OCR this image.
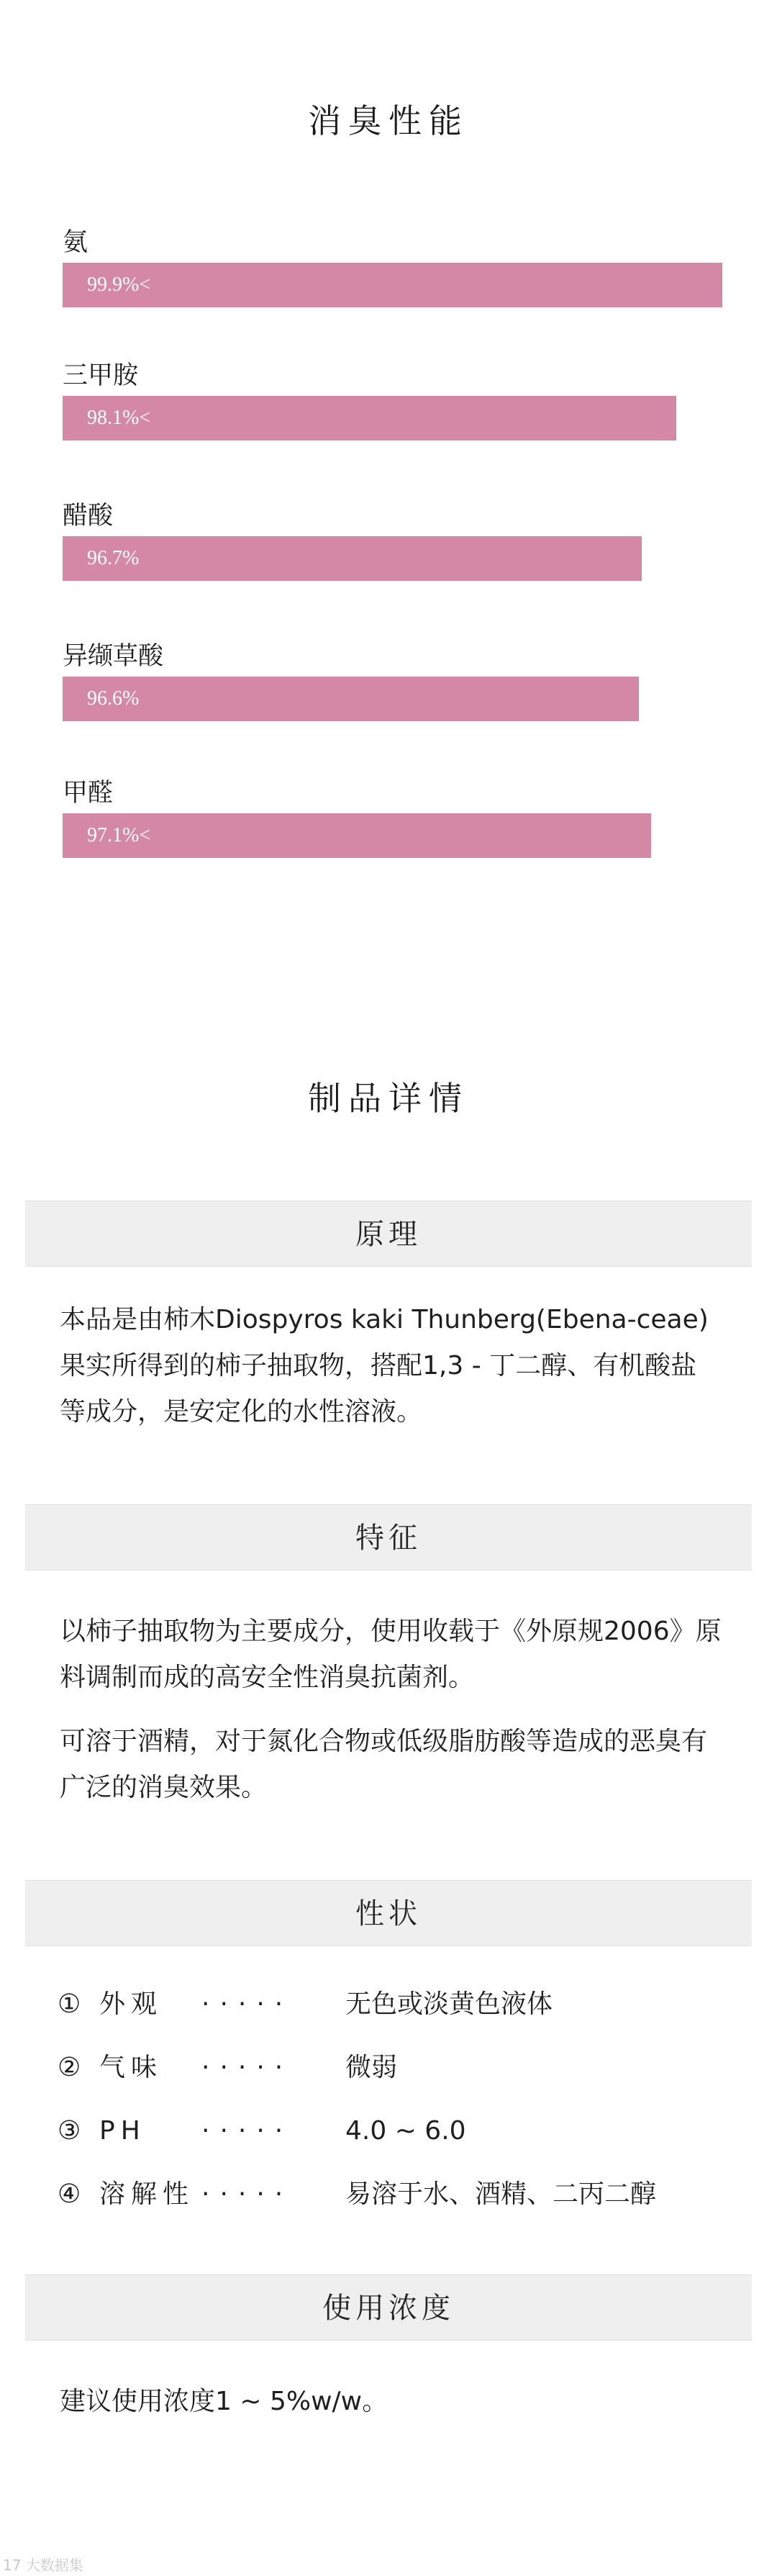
消臭性能
氨
99.9%<
三甲胺
98.1%<
醋酸
96.7%
异缬草酸
96.6%
甲醛
97.1%<
制品详情
原理

本品是由柿木Diospyros kaki Thunberg(Ebena-ceae)果实所得到的柿子抽取物，搭配1,3 - 丁二醇、有机酸盐等成分，是安定化的水性溶液。

特征

以柿子抽取物为主要成分，使用收载于《外原规2006》原料调制而成的高安全性消臭抗菌剂。

可溶于酒精，对于氮化合物或低级脂肪酸等造成的恶臭有广泛的消臭效果。

性状
① 外观 ····· 无色或淡黄色液体
② 气味 ····· 微弱
③ PH ····· 4.0 ~ 6.0
④ 溶解性 ····· 易溶于水、酒精、二丙二醇
使用浓度

建议使用浓度1 ~ 5%w/w。

17 大数据集
